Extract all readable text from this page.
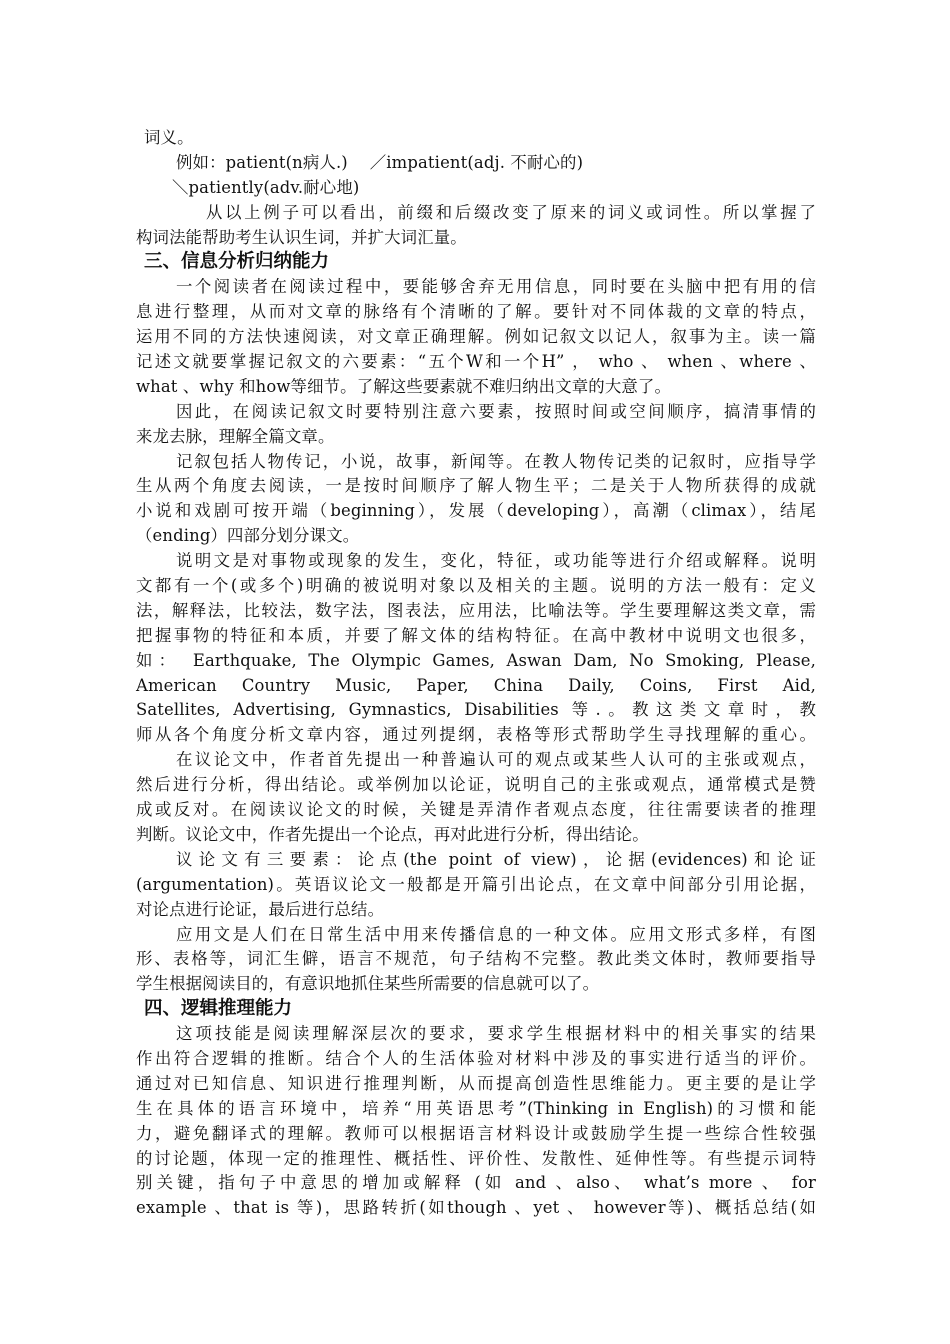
词义。
例如：patient(n病人.)　 ／impatient(adj. 不耐心的)
＼patiently(adv.耐心地)
从以上例子可以看出，前缀和后缀改变了原来的词义或词性。所以掌握了
构词法能帮助考生认识生词，并扩大词汇量。
三、信息分析归纳能力
一个阅读者在阅读过程中，要能够舍弃无用信息，同时要在头脑中把有用的信
息进行整理，从而对文章的脉络有个清晰的了解。要针对不同体裁的文章的特点，
运用不同的方法快速阅读，对文章正确理解。例如记叙文以记人，叙事为主。读一篇
记述文就要掌握记叙文的六要素：“五个W和一个H” ， who 、 when 、where 、
what 、why 和how等细节。了解这些要素就不难归纳出文章的大意了。
因此，在阅读记叙文时要特别注意六要素，按照时间或空间顺序，搞清事情的
来龙去脉，理解全篇文章。
记叙包括人物传记，小说，故事，新闻等。在教人物传记类的记叙时，应指导学
生从两个角度去阅读，一是按时间顺序了解人物生平；二是关于人物所获得的成就
小说和戏剧可按开端（beginning），发展（developing），高潮（climax），结尾
（ending）四部分划分课文。
说明文是对事物或现象的发生，变化，特征，或功能等进行介绍或解释。说明
文都有一个(或多个)明确的被说明对象以及相关的主题。说明的方法一般有：定义
法，解释法，比较法，数字法，图表法，应用法，比喻法等。学生要理解这类文章，需
把握事物的特征和本质，并要了解文体的结构特征。在高中教材中说明文也很多，
如： Earthquake, The Olympic Games, Aswan Dam, No Smoking, Please,
American Country Music, Paper, China Daily, Coins, First Aid,
Satellites, Advertising, Gymnastics, Disabilities 等.。教这类文章时，教
师从各个角度分析文章内容，通过列提纲，表格等形式帮助学生寻找理解的重心。
在议论文中，作者首先提出一种普遍认可的观点或某些人认可的主张或观点，
然后进行分析，得出结论。或举例加以论证，说明自己的主张或观点，通常模式是赞
成或反对。在阅读议论文的时候，关键是弄清作者观点态度，往往需要读者的推理
判断。议论文中，作者先提出一个论点，再对此进行分析，得出结论。
议论文有三要素：论点(the point of view)，论据(evidences)和论证
(argumentation)。英语议论文一般都是开篇引出论点，在文章中间部分引用论据，
对论点进行论证，最后进行总结。
应用文是人们在日常生活中用来传播信息的一种文体。应用文形式多样，有图
形、表格等，词汇生僻，语言不规范，句子结构不完整。教此类文体时，教师要指导
学生根据阅读目的，有意识地抓住某些所需要的信息就可以了。
四、逻辑推理能力
这项技能是阅读理解深层次的要求，要求学生根据材料中的相关事实的结果
作出符合逻辑的推断。结合个人的生活体验对材料中涉及的事实进行适当的评价。
通过对已知信息、知识进行推理判断，从而提高创造性思维能力。更主要的是让学
生在具体的语言环境中，培养“用英语思考”(Thinking in English)的习惯和能
力，避免翻译式的理解。教师可以根据语言材料设计或鼓励学生提一些综合性较强
的讨论题，体现一定的推理性、概括性、评价性、发散性、延伸性等。有些提示词特
别关键，指句子中意思的增加或解释 (如 and 、also、 what’s more 、 for
example 、that is 等)，思路转折(如though 、yet 、 however等)、概括总结(如
